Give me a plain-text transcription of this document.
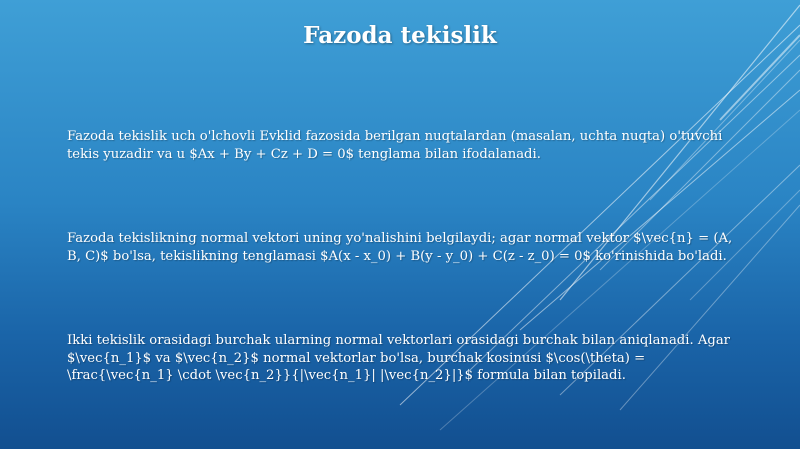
Fazoda tekislik
Fazoda tekislik uch o'lchovli Evklid fazosida berilgan nuqtalardan (masalan, uchta nuqta) o'tuvchi tekis yuzadir va u $Ax + By + Cz + D = 0$ tenglama bilan ifodalanadi.
Fazoda tekislikning normal vektori uning yo'nalishini belgilaydi; agar normal vektor $\vec{n} = (A, B, C)$ bo'lsa, tekislikning tenglamasi $A(x - x_0) + B(y - y_0) + C(z - z_0) = 0$ ko'rinishida bo'ladi.
Ikki tekislik orasidagi burchak ularning normal vektorlari orasidagi burchak bilan aniqlanadi. Agar $\vec{n_1}$ va $\vec{n_2}$ normal vektorlar bo'lsa, burchak kosinusi $\cos(\theta) = \frac{\vec{n_1} \cdot \vec{n_2}}{|\vec{n_1}| |\vec{n_2}|}$ formula bilan topiladi.
